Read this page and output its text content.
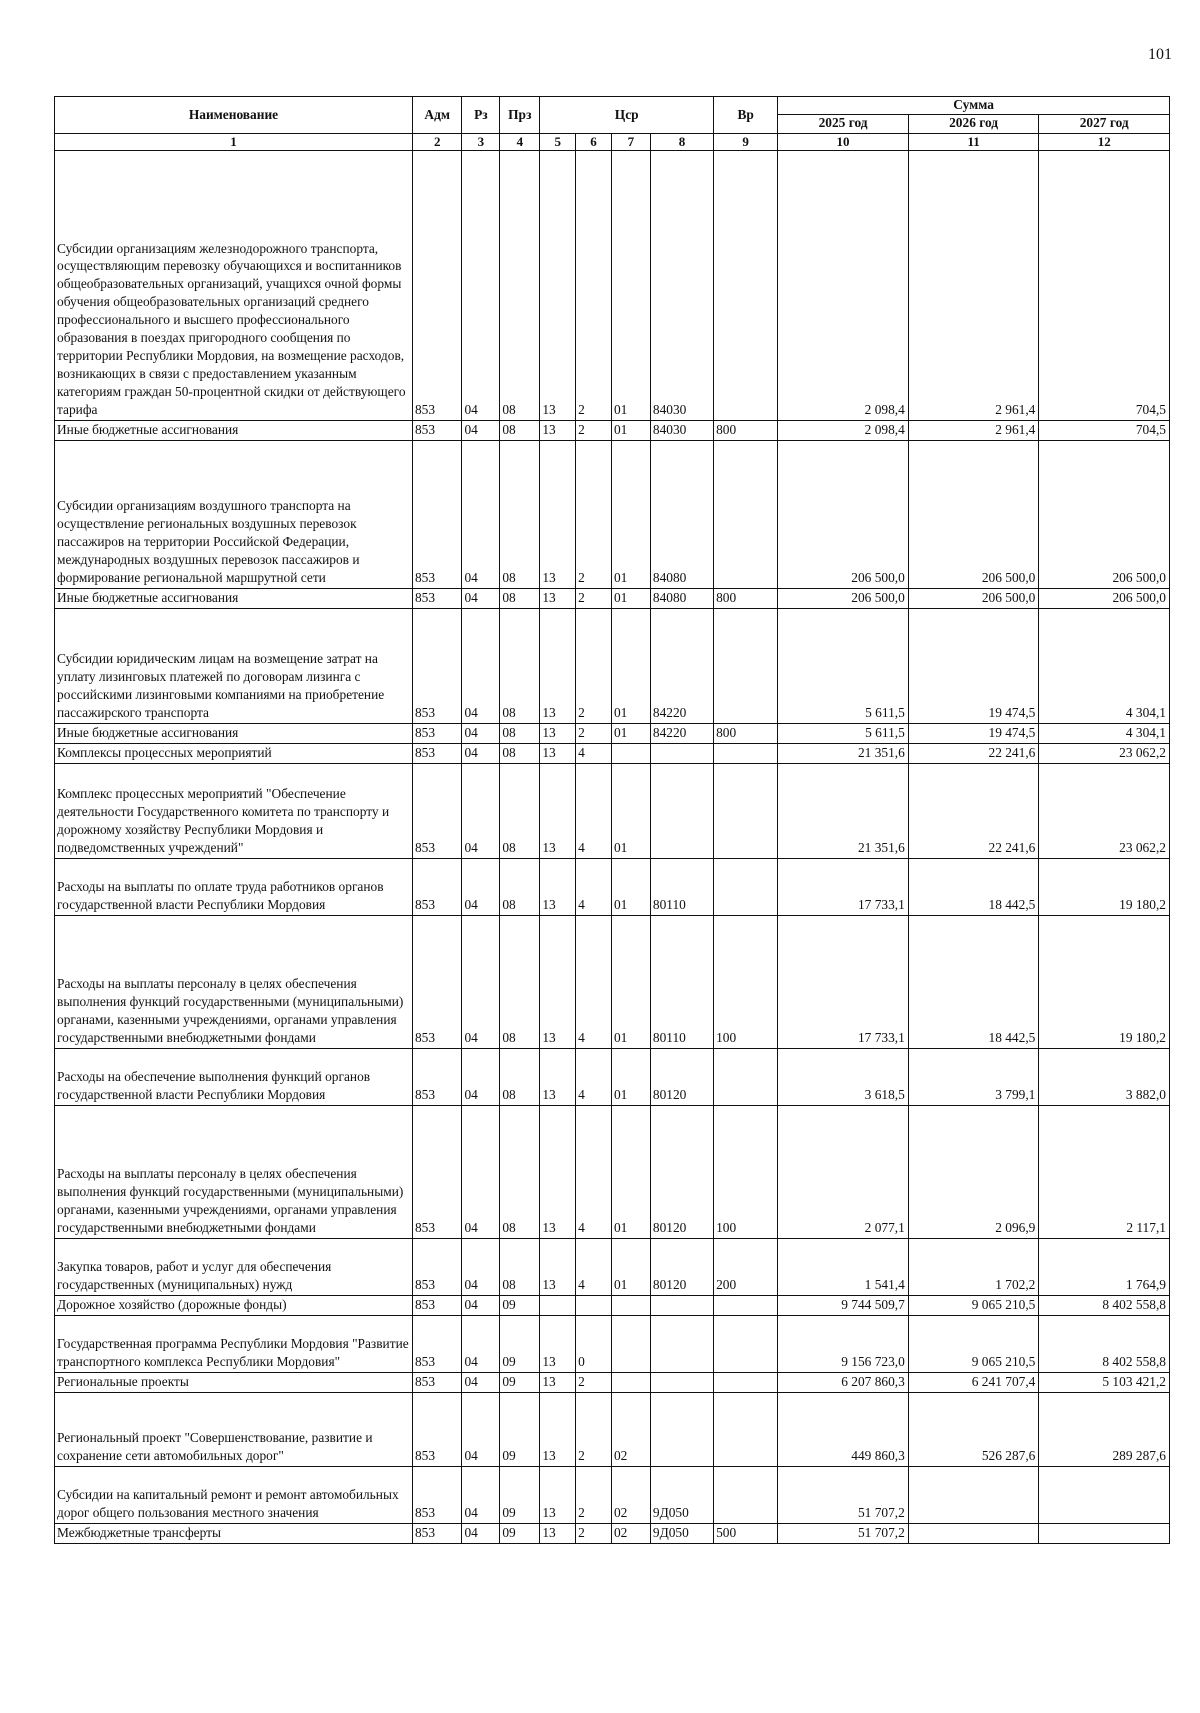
101
Наименование	Адм	Рз	Прз	Цср				Вр	Сумма		
									2025 год	2026 год	2027 год
1	2	3	4	5	6	7	8	9	10	11	12
Субсидии организациям железнодорожного транспорта, осуществляющим перевозку обучающихся и воспитанников общеобразовательных организаций, учащихся очной формы обучения общеобразовательных организаций среднего профессионального и высшего профессионального образования в поездах пригородного сообщения по территории Республики Мордовия, на возмещение расходов, возникающих в связи с предоставлением указанным категориям граждан 50-процентной скидки от действующего тарифа	853	04	08	13	2	01	84030		2 098,4	2 961,4	704,5
Иные бюджетные ассигнования	853	04	08	13	2	01	84030	800	2 098,4	2 961,4	704,5
Субсидии организациям воздушного транспорта на осуществление региональных воздушных перевозок пассажиров на территории Российской Федерации, международных воздушных перевозок пассажиров и формирование региональной маршрутной сети	853	04	08	13	2	01	84080		206 500,0	206 500,0	206 500,0
Иные бюджетные ассигнования	853	04	08	13	2	01	84080	800	206 500,0	206 500,0	206 500,0
Субсидии юридическим лицам на возмещение затрат на уплату лизинговых платежей по договорам лизинга с российскими лизинговыми компаниями на приобретение пассажирского транспорта	853	04	08	13	2	01	84220		5 611,5	19 474,5	4 304,1
Иные бюджетные ассигнования	853	04	08	13	2	01	84220	800	5 611,5	19 474,5	4 304,1
Комплексы процессных мероприятий	853	04	08	13	4				21 351,6	22 241,6	23 062,2
Комплекс процессных мероприятий "Обеспечение деятельности Государственного комитета по транспорту и дорожному хозяйству Республики Мордовия и подведомственных учреждений"	853	04	08	13	4	01			21 351,6	22 241,6	23 062,2
Расходы на выплаты по оплате труда работников органов государственной власти Республики Мордовия	853	04	08	13	4	01	80110		17 733,1	18 442,5	19 180,2
Расходы на выплаты персоналу в целях обеспечения выполнения функций государственными (муниципальными) органами, казенными учреждениями, органами управления государственными внебюджетными фондами	853	04	08	13	4	01	80110	100	17 733,1	18 442,5	19 180,2
Расходы на обеспечение выполнения функций органов государственной власти Республики Мордовия	853	04	08	13	4	01	80120		3 618,5	3 799,1	3 882,0
Расходы на выплаты персоналу в целях обеспечения выполнения функций государственными (муниципальными) органами, казенными учреждениями, органами управления государственными внебюджетными фондами	853	04	08	13	4	01	80120	100	2 077,1	2 096,9	2 117,1
Закупка товаров, работ и услуг для обеспечения государственных (муниципальных) нужд	853	04	08	13	4	01	80120	200	1 541,4	1 702,2	1 764,9
Дорожное хозяйство (дорожные фонды)	853	04	09						9 744 509,7	9 065 210,5	8 402 558,8
Государственная программа Республики Мордовия "Развитие транспортного комплекса Республики Мордовия"	853	04	09	13	0				9 156 723,0	9 065 210,5	8 402 558,8
Региональные проекты	853	04	09	13	2				6 207 860,3	6 241 707,4	5 103 421,2
Региональный проект "Совершенствование, развитие и сохранение сети автомобильных дорог"	853	04	09	13	2	02			449 860,3	526 287,6	289 287,6
Субсидии на капитальный ремонт и ремонт автомобильных дорог общего пользования местного значения	853	04	09	13	2	02	9Д050		51 707,2		
Межбюджетные трансферты	853	04	09	13	2	02	9Д050	500	51 707,2		
